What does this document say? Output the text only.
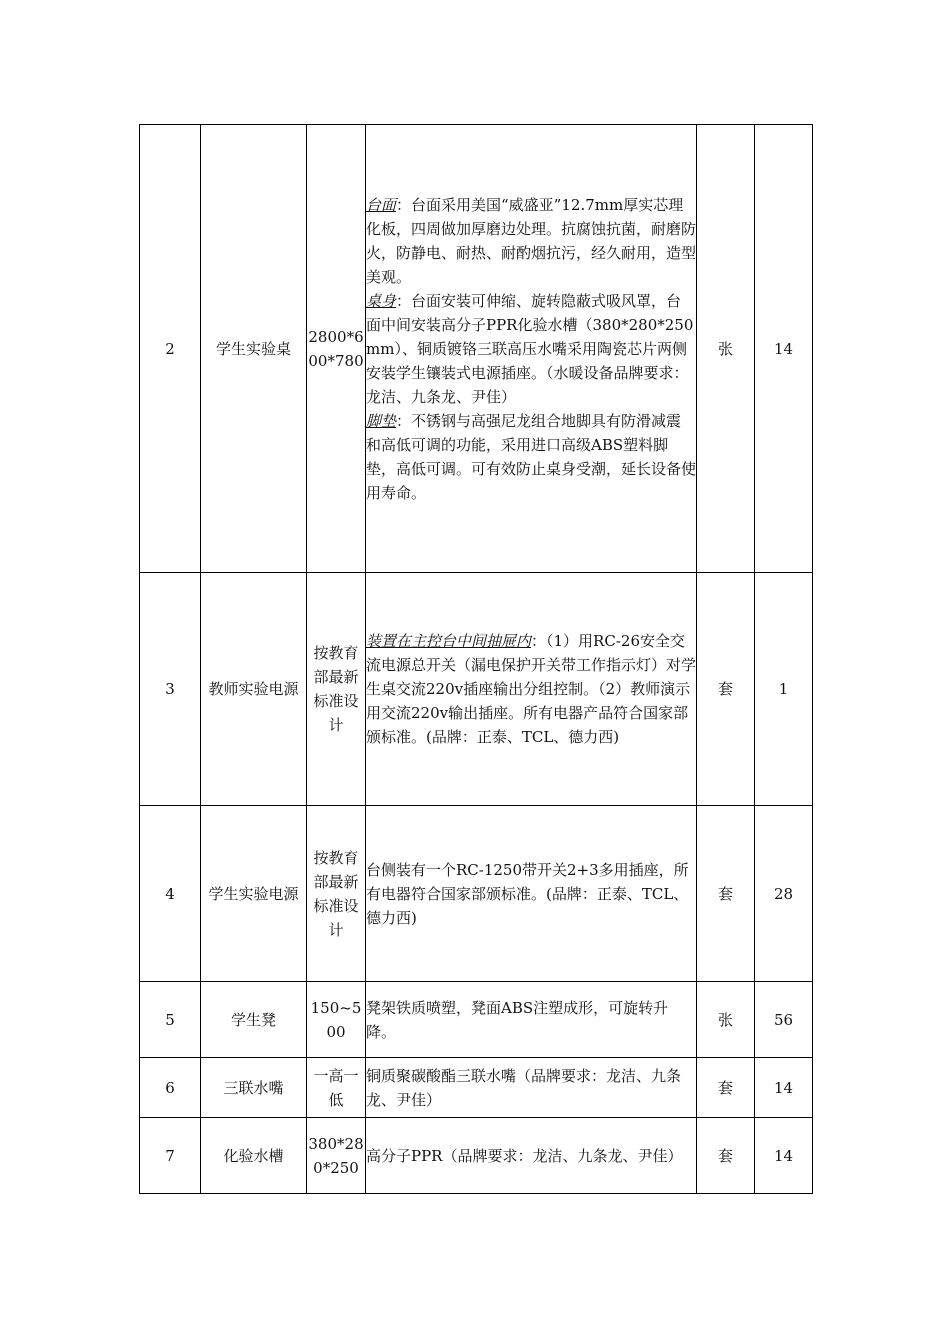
2	学生实验桌	2800*600*780	台面：台面采用美国“威盛亚”12.7mm厚实芯理化板，四周做加厚磨边处理。抗腐蚀抗菌，耐磨防火，防静电、耐热、耐酌烟抗污，经久耐用，造型美观。
桌身：台面安装可伸缩、旋转隐蔽式吸风罩，台面中间安装高分子PPR化验水槽（380*280*250mm）、铜质镀铬三联高压水嘴采用陶瓷芯片两侧安装学生镶装式电源插座。（水暖设备品牌要求：龙洁、九条龙、尹佳）
脚垫：不锈钢与高强尼龙组合地脚具有防滑减震和高低可调的功能，采用进口高级ABS塑料脚垫，高低可调。可有效防止桌身受潮，延长设备使用寿命。	张	14
3	教师实验电源	按教育部最新标准设计	装置在主控台中间抽屉内：（1）用RC-26安全交流电源总开关（漏电保护开关带工作指示灯）对学生桌交流220v插座输出分组控制。（2）教师演示用交流220v输出插座。所有电器产品符合国家部颁标准。(品牌：正泰、TCL、德力西)	套	1
4	学生实验电源	按教育部最新标准设计	台侧装有一个RC-1250带开关2+3多用插座，所有电器符合国家部颁标准。(品牌：正泰、TCL、德力西)	套	28
5	学生凳	150~500	凳架铁质喷塑，凳面ABS注塑成形，可旋转升降。	张	56
6	三联水嘴	一高一低	铜质聚碳酸酯三联水嘴（品牌要求：龙洁、九条龙、尹佳）	套	14
7	化验水槽	380*280*250	高分子PPR（品牌要求：龙洁、九条龙、尹佳）	套	14
